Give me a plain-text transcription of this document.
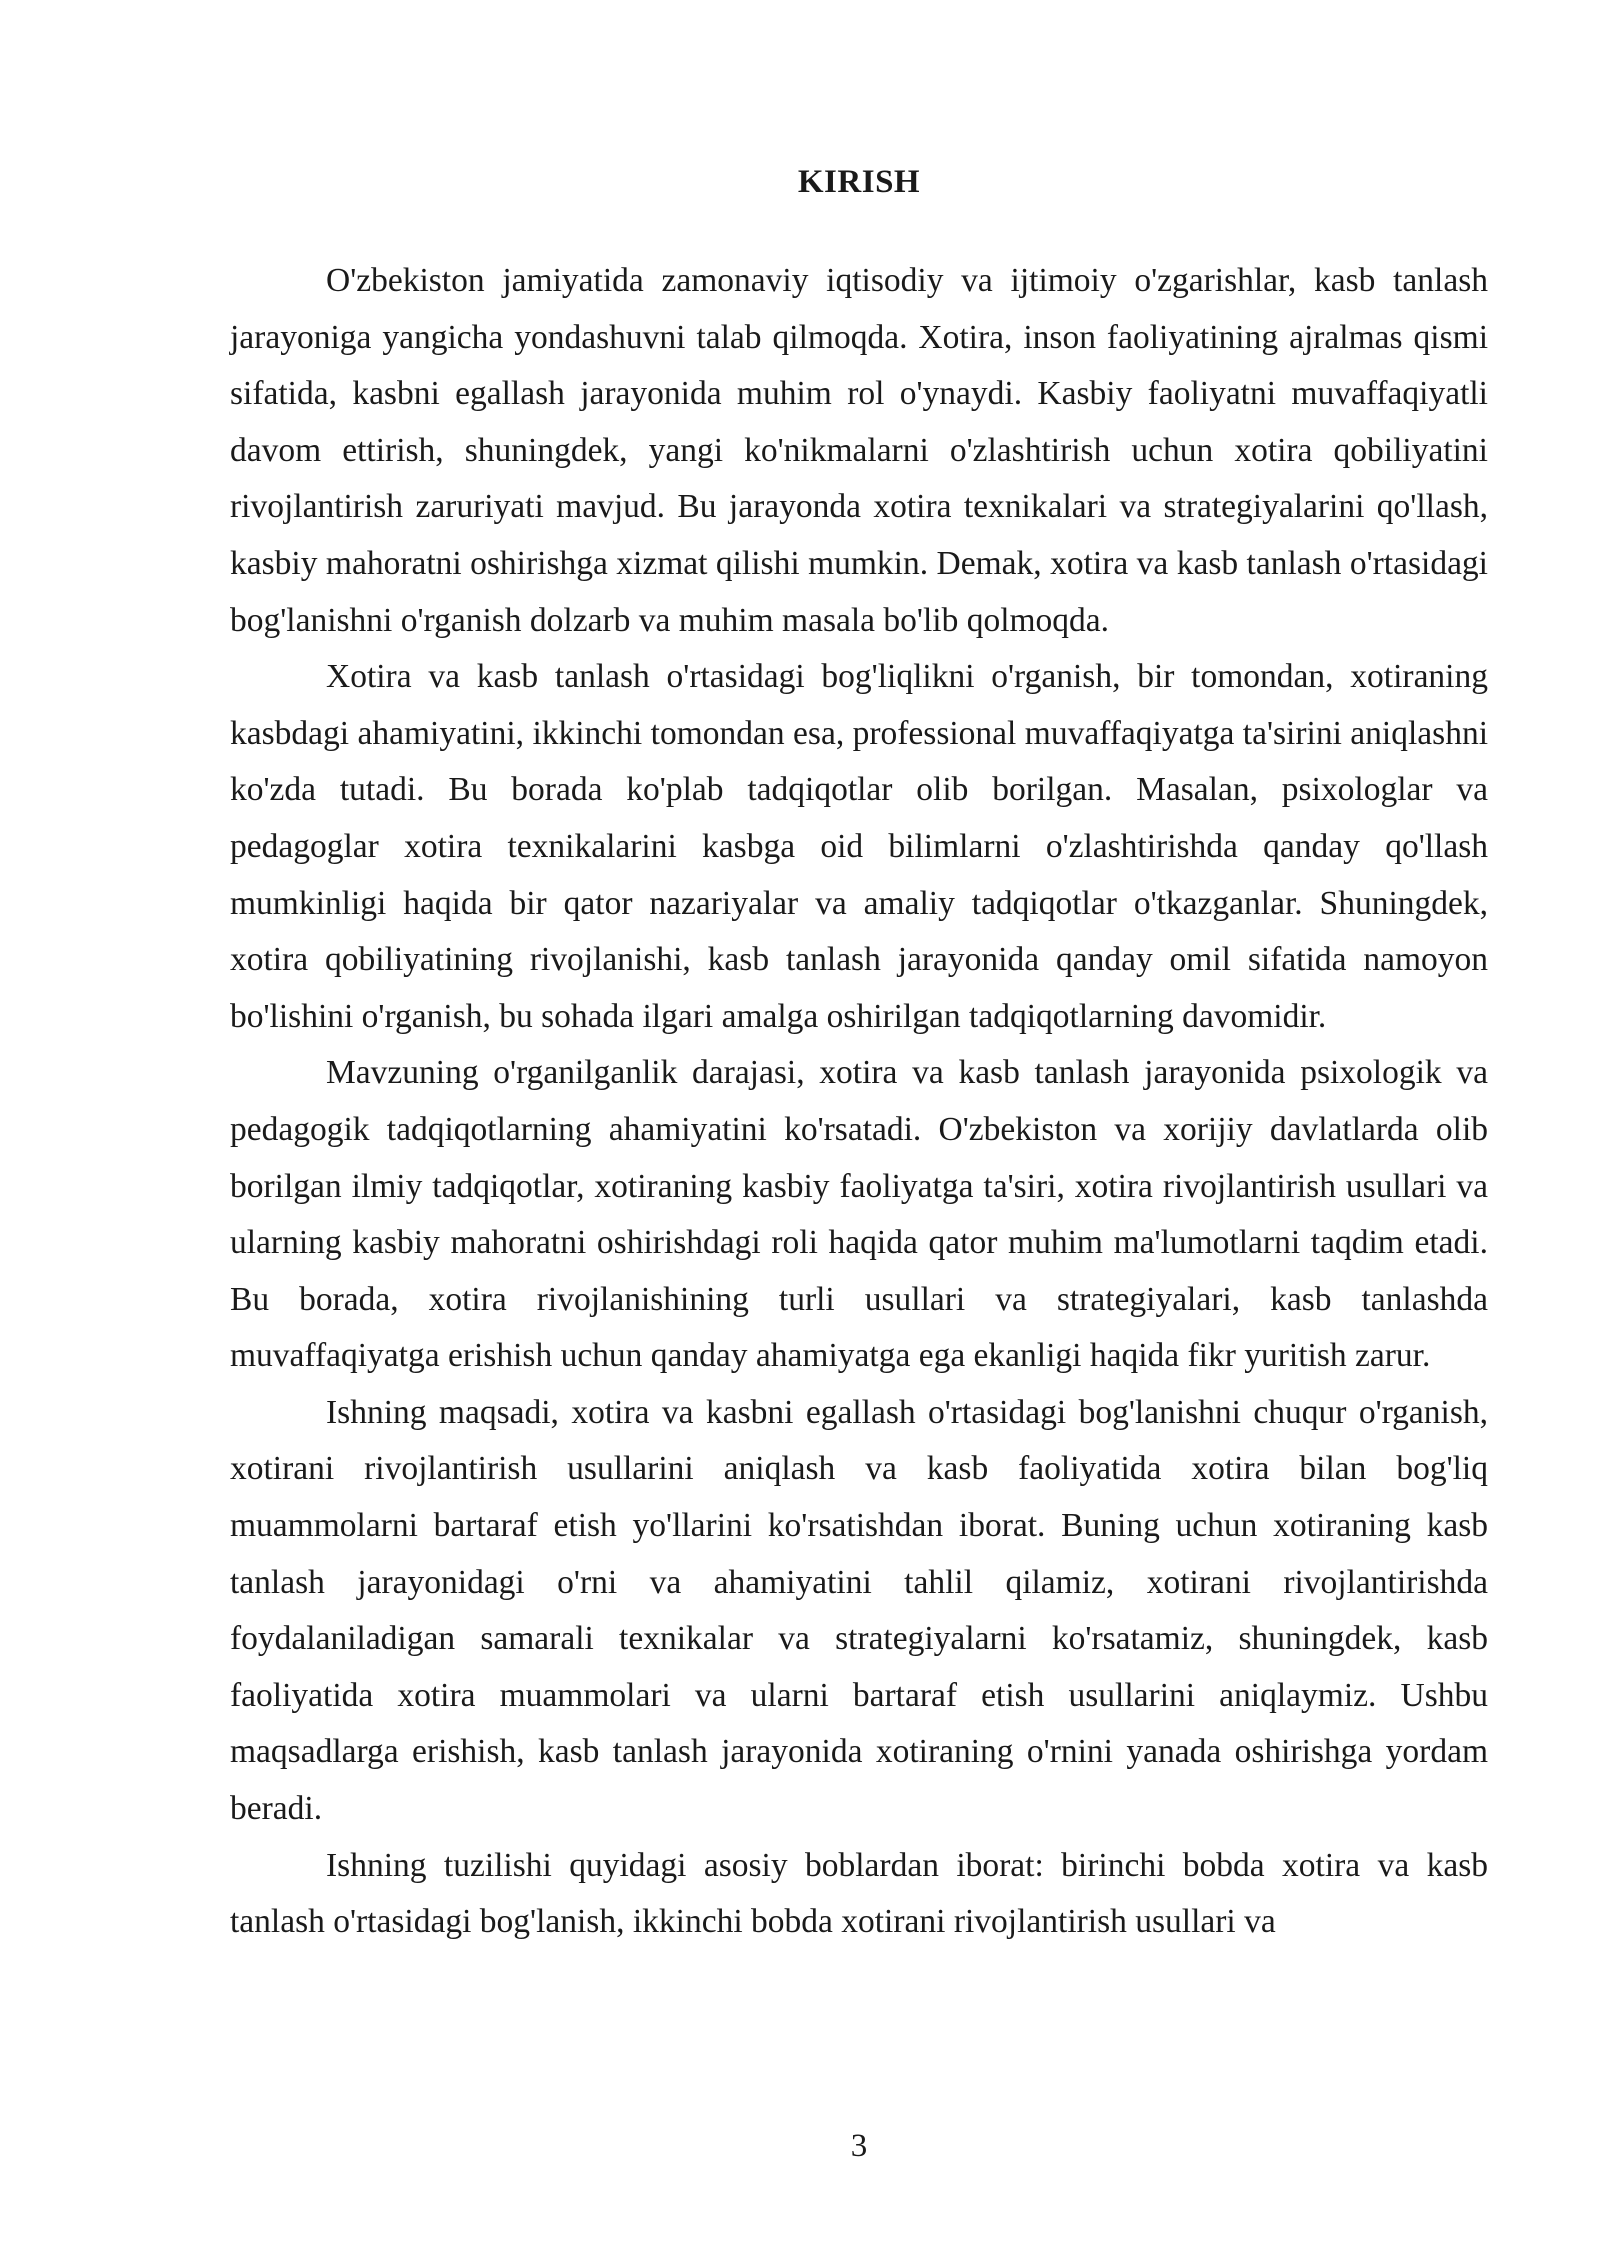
KIRISH

O'zbekiston jamiyatida zamonaviy iqtisodiy va ijtimoiy o'zgarishlar, kasb tanlash jarayoniga yangicha yondashuvni talab qilmoqda. Xotira, inson faoliyatining ajralmas qismi sifatida, kasbni egallash jarayonida muhim rol o'ynaydi. Kasbiy faoliyatni muvaffaqiyatli davom ettirish, shuningdek, yangi ko'nikmalarni o'zlashtirish uchun xotira qobiliyatini rivojlantirish zaruriyati mavjud. Bu jarayonda xotira texnikalari va strategiyalarini qo'llash, kasbiy mahoratni oshirishga xizmat qilishi mumkin. Demak, xotira va kasb tanlash o'rtasidagi bog'lanishni o'rganish dolzarb va muhim masala bo'lib qolmoqda.

Xotira va kasb tanlash o'rtasidagi bog'liqlikni o'rganish, bir tomondan, xotiraning kasbdagi ahamiyatini, ikkinchi tomondan esa, professional muvaffaqiyatga ta'sirini aniqlashni ko'zda tutadi. Bu borada ko'plab tadqiqotlar olib borilgan. Masalan, psixologlar va pedagoglar xotira texnikalarini kasbga oid bilimlarni o'zlashtirishda qanday qo'llash mumkinligi haqida bir qator nazariyalar va amaliy tadqiqotlar o'tkazganlar. Shuningdek, xotira qobiliyatining rivojlanishi, kasb tanlash jarayonida qanday omil sifatida namoyon bo'lishini o'rganish, bu sohada ilgari amalga oshirilgan tadqiqotlarning davomidir.

Mavzuning o'rganilganlik darajasi, xotira va kasb tanlash jarayonida psixologik va pedagogik tadqiqotlarning ahamiyatini ko'rsatadi. O'zbekiston va xorijiy davlatlarda olib borilgan ilmiy tadqiqotlar, xotiraning kasbiy faoliyatga ta'siri, xotira rivojlantirish usullari va ularning kasbiy mahoratni oshirishdagi roli haqida qator muhim ma'lumotlarni taqdim etadi. Bu borada, xotira rivojlanishining turli usullari va strategiyalari, kasb tanlashda muvaffaqiyatga erishish uchun qanday ahamiyatga ega ekanligi haqida fikr yuritish zarur.

Ishning maqsadi, xotira va kasbni egallash o'rtasidagi bog'lanishni chuqur o'rganish, xotirani rivojlantirish usullarini aniqlash va kasb faoliyatida xotira bilan bog'liq muammolarni bartaraf etish yo'llarini ko'rsatishdan iborat. Buning uchun xotiraning kasb tanlash jarayonidagi o'rni va ahamiyatini tahlil qilamiz, xotirani rivojlantirishda foydalaniladigan samarali texnikalar va strategiyalarni ko'rsatamiz, shuningdek, kasb faoliyatida xotira muammolari va ularni bartaraf etish usullarini aniqlaymiz. Ushbu maqsadlarga erishish, kasb tanlash jarayonida xotiraning o'rnini yanada oshirishga yordam beradi.

Ishning tuzilishi quyidagi asosiy boblardan iborat: birinchi bobda xotira va kasb tanlash o'rtasidagi bog'lanish, ikkinchi bobda xotirani rivojlantirish usullari va

3
